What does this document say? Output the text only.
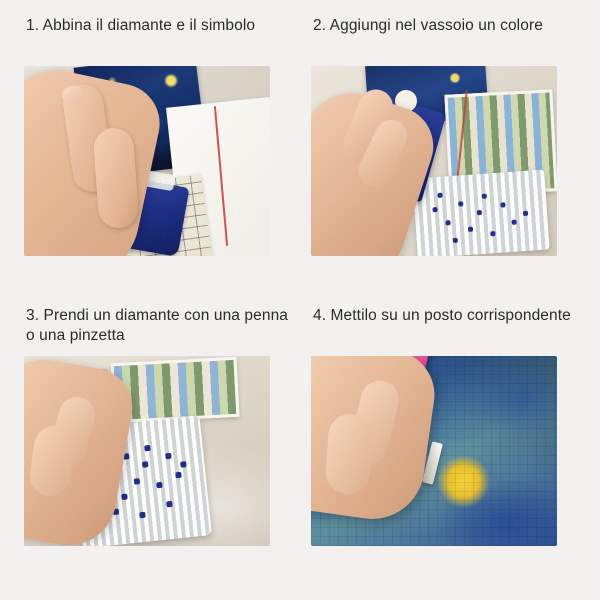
1. Abbina il diamante e il simbolo	2. Aggiungi nel vassoio un colore

3. Prendi un diamante con una penna o una pinzetta

4. Mettilo su un posto corrispondente
